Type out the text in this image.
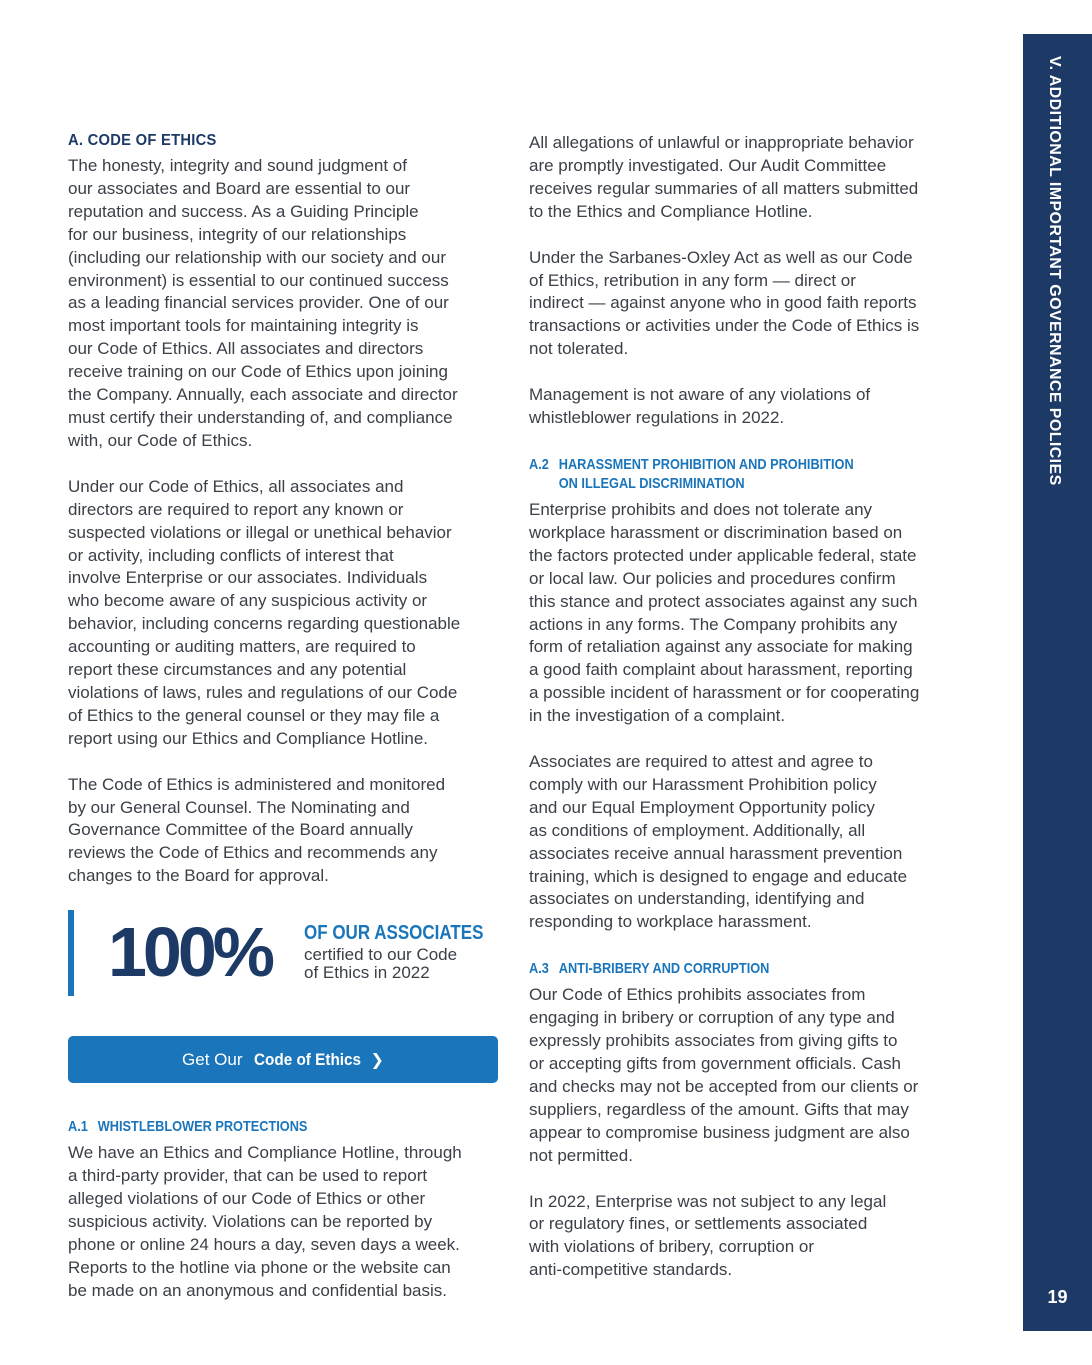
A. CODE OF ETHICS

The honesty, integrity and sound judgment of
our associates and Board are essential to our
reputation and success. As a Guiding Principle
for our business, integrity of our relationships
(including our relationship with our society and our
environment) is essential to our continued success
as a leading financial services provider. One of our
most important tools for maintaining integrity is
our Code of Ethics. All associates and directors
receive training on our Code of Ethics upon joining
the Company. Annually, each associate and director
must certify their understanding of, and compliance
with, our Code of Ethics.

Under our Code of Ethics, all associates and
directors are required to report any known or
suspected violations or illegal or unethical behavior
or activity, including conflicts of interest that
involve Enterprise or our associates. Individuals
who become aware of any suspicious activity or
behavior, including concerns regarding questionable
accounting or auditing matters, are required to
report these circumstances and any potential
violations of laws, rules and regulations of our Code
of Ethics to the general counsel or they may file a
report using our Ethics and Compliance Hotline.

The Code of Ethics is administered and monitored
by our General Counsel. The Nominating and
Governance Committee of the Board annually
reviews the Code of Ethics and recommends any
changes to the Board for approval.

100% OF OUR ASSOCIATES
certified to our Code
of Ethics in 2022
Get Our Code of Ethics ❯
A.1 WHISTLEBLOWER PROTECTIONS

We have an Ethics and Compliance Hotline, through
a third-party provider, that can be used to report
alleged violations of our Code of Ethics or other
suspicious activity. Violations can be reported by
phone or online 24 hours a day, seven days a week.
Reports to the hotline via phone or the website can
be made on an anonymous and confidential basis.

All allegations of unlawful or inappropriate behavior
are promptly investigated. Our Audit Committee
receives regular summaries of all matters submitted
to the Ethics and Compliance Hotline.

Under the Sarbanes-Oxley Act as well as our Code
of Ethics, retribution in any form — direct or
indirect — against anyone who in good faith reports
transactions or activities under the Code of Ethics is
not tolerated.

Management is not aware of any violations of
whistleblower regulations in 2022.

A.2 HARASSMENT PROHIBITION AND PROHIBITION
ON ILLEGAL DISCRIMINATION

Enterprise prohibits and does not tolerate any
workplace harassment or discrimination based on
the factors protected under applicable federal, state
or local law. Our policies and procedures confirm
this stance and protect associates against any such
actions in any forms. The Company prohibits any
form of retaliation against any associate for making
a good faith complaint about harassment, reporting
a possible incident of harassment or for cooperating
in the investigation of a complaint.

Associates are required to attest and agree to
comply with our Harassment Prohibition policy
and our Equal Employment Opportunity policy
as conditions of employment. Additionally, all
associates receive annual harassment prevention
training, which is designed to engage and educate
associates on understanding, identifying and
responding to workplace harassment.

A.3 ANTI-BRIBERY AND CORRUPTION

Our Code of Ethics prohibits associates from
engaging in bribery or corruption of any type and
expressly prohibits associates from giving gifts to
or accepting gifts from government officials. Cash
and checks may not be accepted from our clients or
suppliers, regardless of the amount. Gifts that may
appear to compromise business judgment are also
not permitted.

In 2022, Enterprise was not subject to any legal
or regulatory fines, or settlements associated
with violations of bribery, corruption or
anti-competitive standards.

V. ADDITIONAL IMPORTANT GOVERNANCE POLICIES
19
